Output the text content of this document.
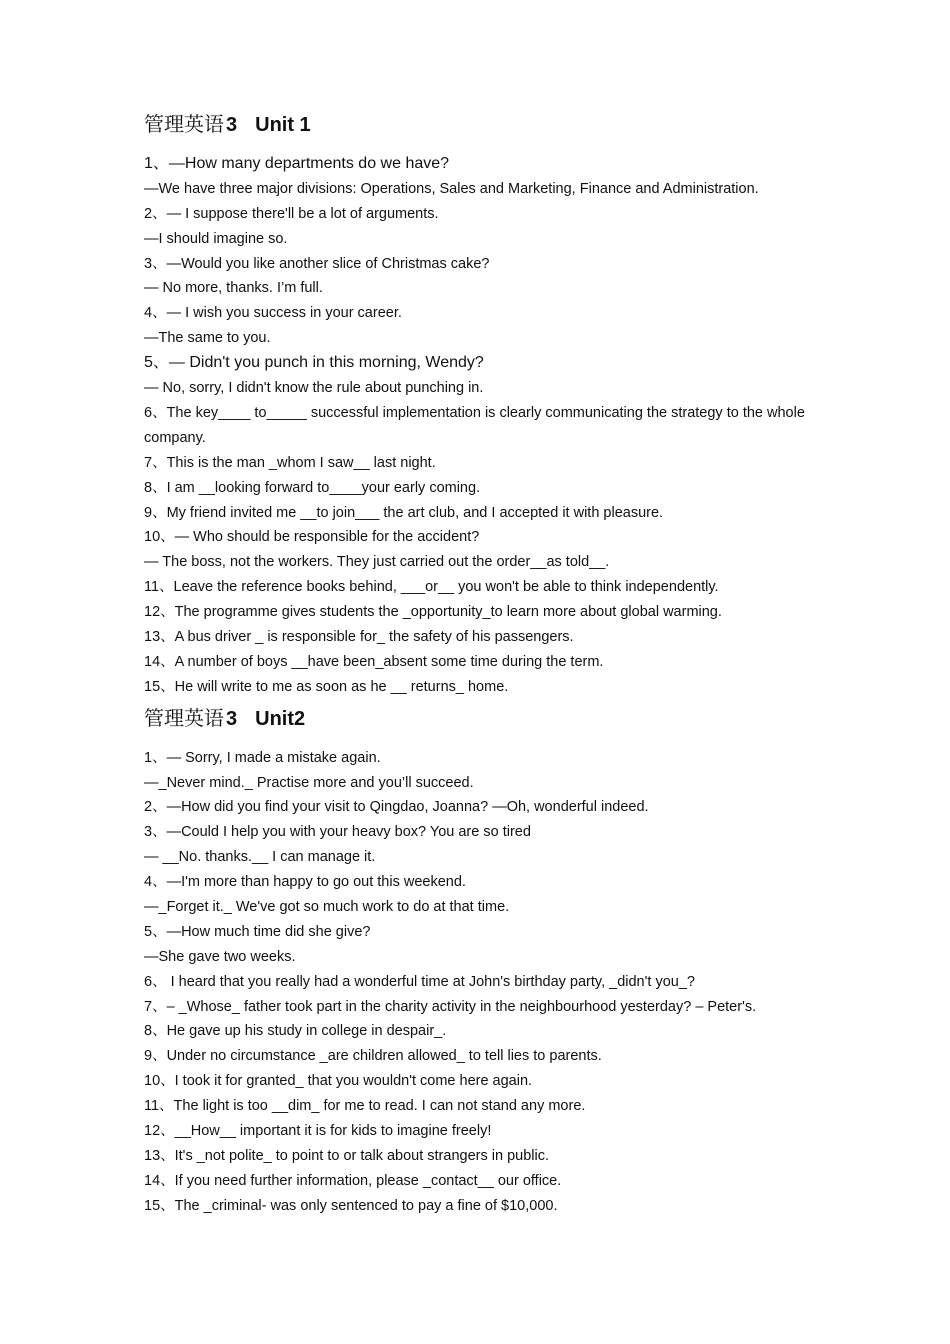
管理英语 3 Unit 1
1、—How many departments do we have?
—We have three major divisions: Operations, Sales and Marketing, Finance and Administration.
2、— I suppose there'll be a lot of arguments.
—I should imagine so.
3、—Would you like another slice of Christmas cake?
— No more, thanks. I’m full.
4、— I wish you success in your career.
—The same to you.
5、— Didn't you punch in this morning, Wendy?
— No, sorry, I didn't know the rule about punching in.
6、The key____ to_____ successful implementation is clearly communicating the strategy to the whole company.
7、This is the man _whom I saw__ last night.
8、I am __looking forward to____your early coming.
9、My friend invited me __to join___ the art club, and I accepted it with pleasure.
10、— Who should be responsible for the accident?
— The boss, not the workers. They just carried out the order__as told__.
11、Leave the reference books behind, ___or__ you won't be able to think independently.
12、The programme gives students the _opportunity_to learn more about global warming.
13、A bus driver _ is responsible for_ the safety of his passengers.
14、A number of boys __have been_absent some time during the term.
15、He will write to me as soon as he __ returns_ home.
管理英语 3 Unit2
1、— Sorry, I made a mistake again.
—_Never mind._ Practise more and you’ll succeed.
2、—How did you find your visit to Qingdao, Joanna? —Oh, wonderful indeed.
3、—Could I help you with your heavy box? You are so tired
— __No. thanks.__ I can manage it.
4、—I'm more than happy to go out this weekend.
—_Forget it._ We've got so much work to do at that time.
5、—How much time did she give?
—She gave two weeks.
6、 I heard that you really had a wonderful time at John's birthday party, _didn't you_?
7、– _Whose_ father took part in the charity activity in the neighbourhood yesterday? – Peter's.
8、He gave up his study in college in despair_.
9、Under no circumstance _are children allowed_ to tell lies to parents.
10、I took it for granted_ that you wouldn't come here again.
11、The light is too __dim_ for me to read. I can not stand any more.
12、__How__ important it is for kids to imagine freely!
13、It's _not polite_ to point to or talk about strangers in public.
14、If you need further information, please _contact__ our office.
15、The _criminal- was only sentenced to pay a fine of $10,000.
